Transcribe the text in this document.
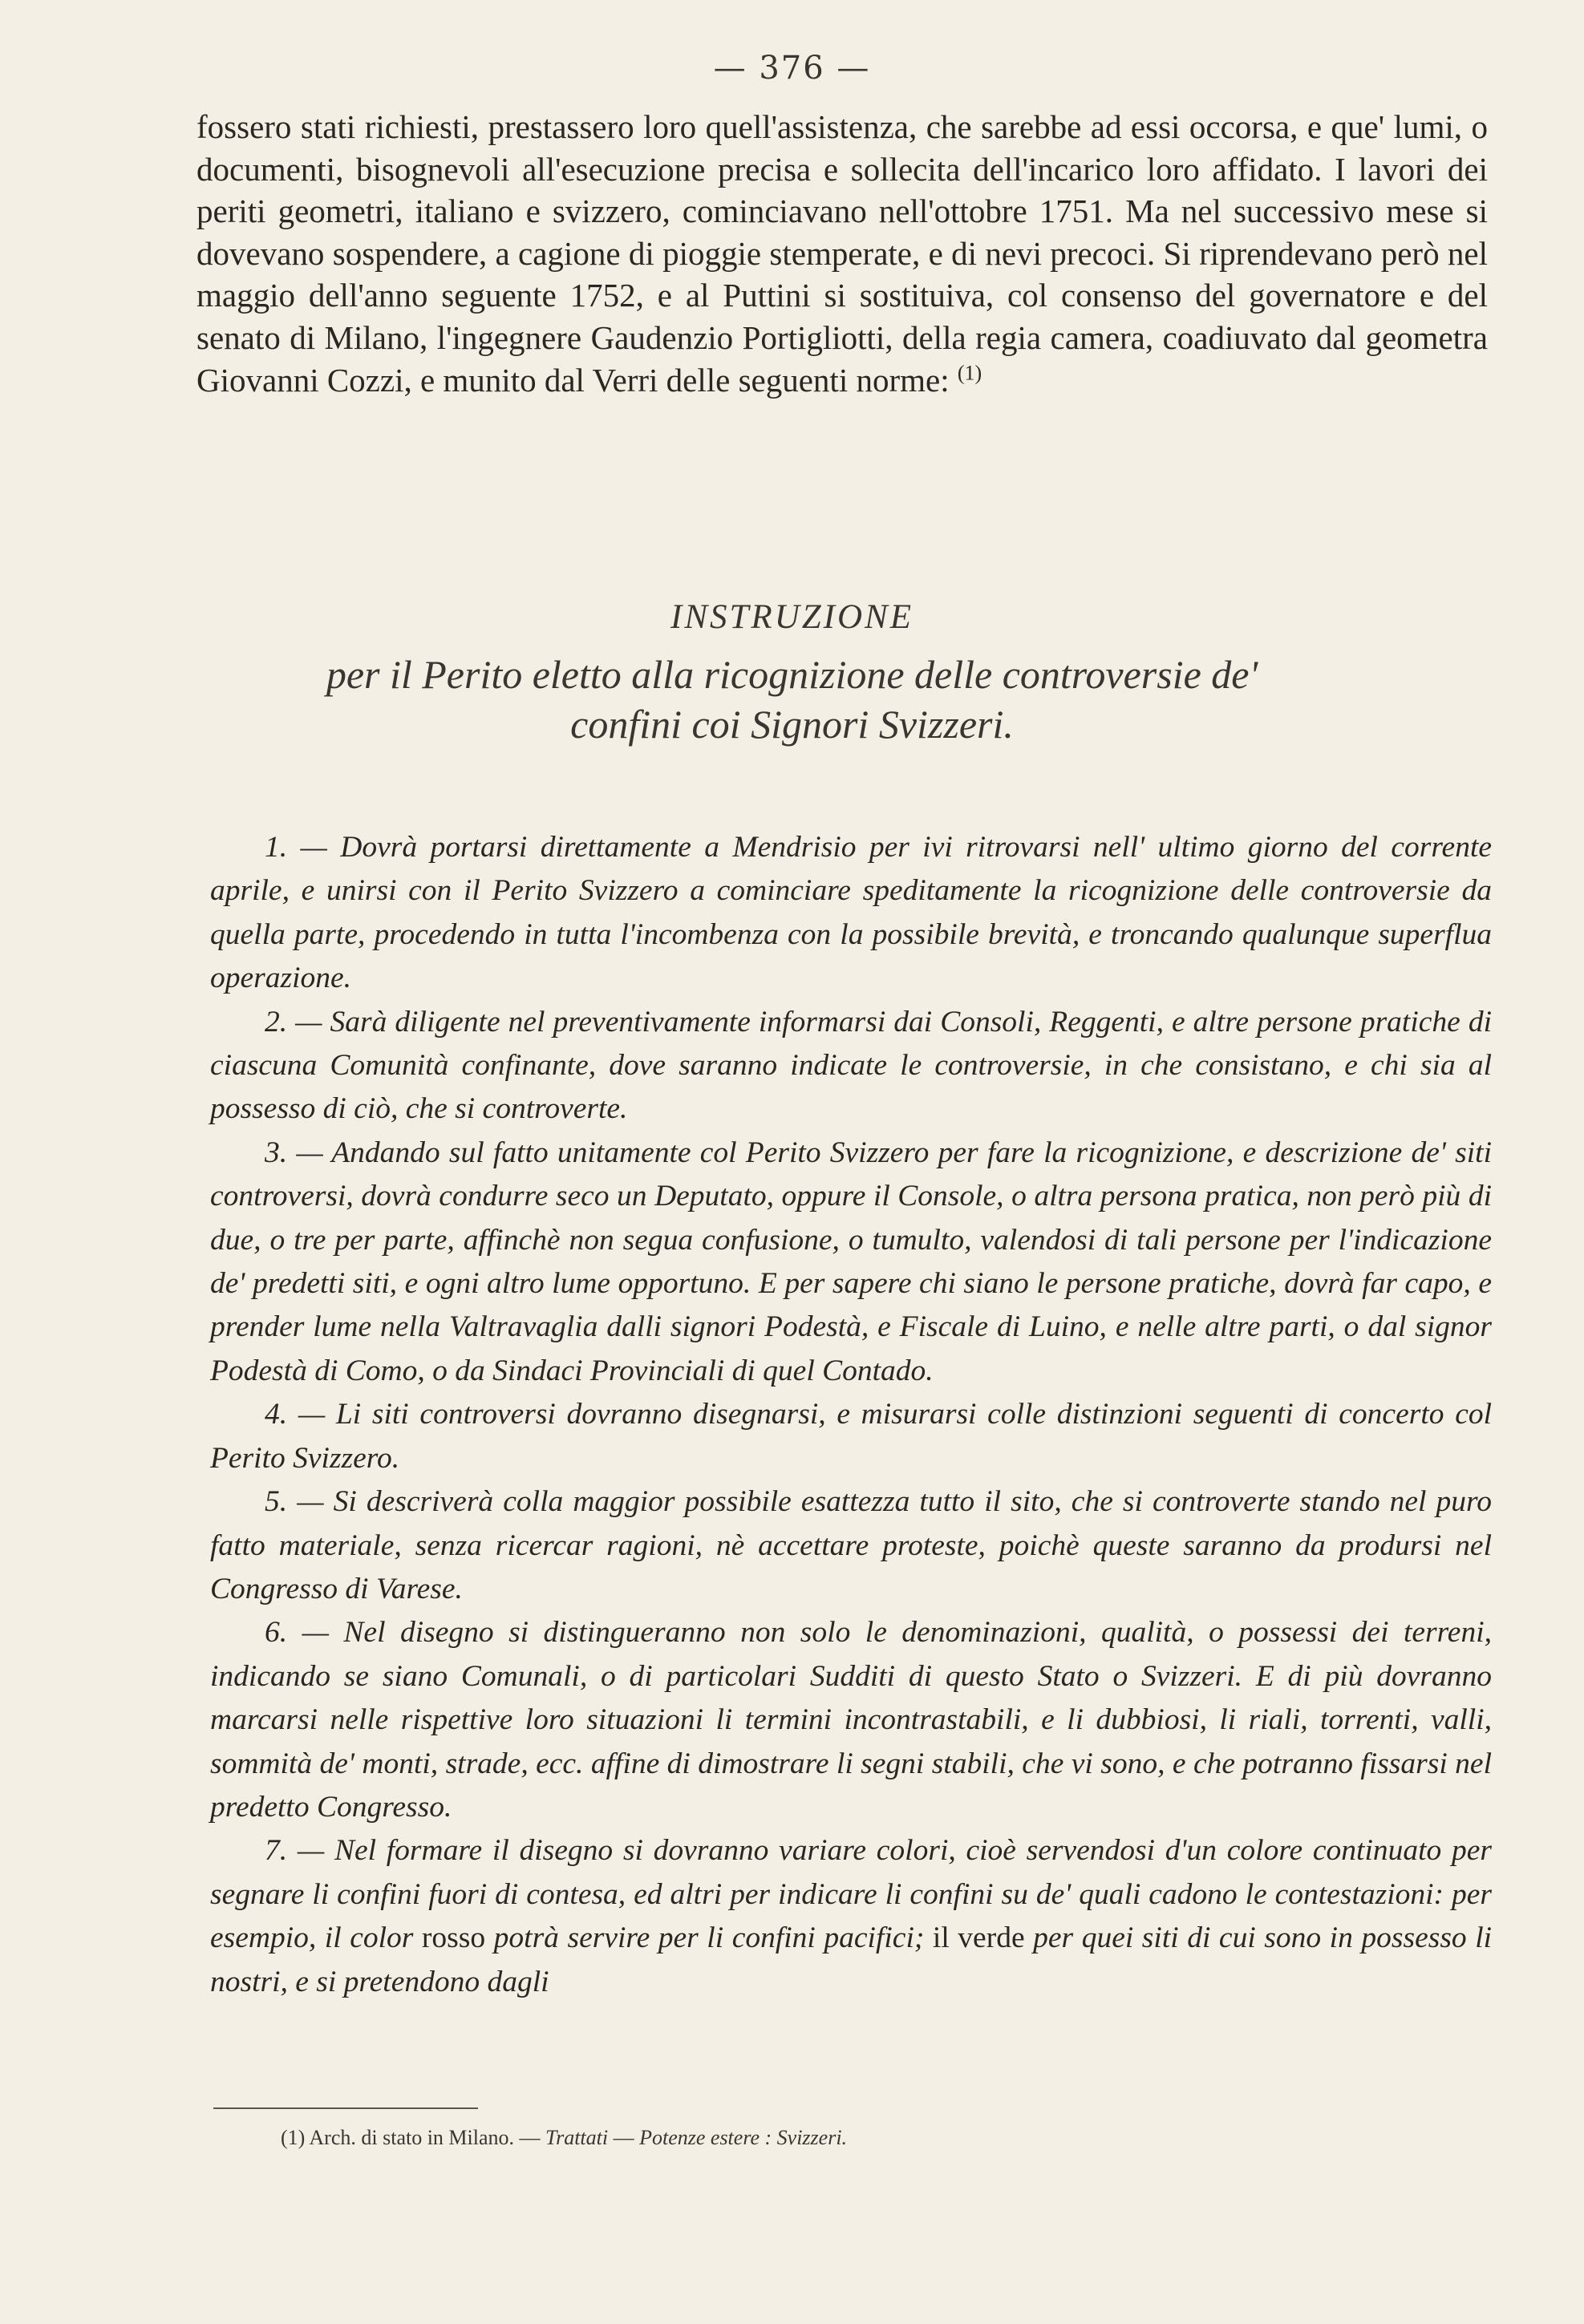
— 376 —

fossero stati richiesti, prestassero loro quell'assistenza, che sarebbe ad essi occorsa, e que' lumi, o documenti, bisognevoli all'esecuzione precisa e sollecita dell'incarico loro affidato. I lavori dei periti geometri, italiano e svizzero, cominciavano nell'ottobre 1751. Ma nel successivo mese si dovevano sospendere, a cagione di pioggie stemperate, e di nevi precoci. Si riprendevano però nel maggio dell'anno seguente 1752, e al Puttini si sostituiva, col consenso del governatore e del senato di Milano, l'ingegnere Gaudenzio Portigliotti, della regia camera, coadiuvato dal geometra Giovanni Cozzi, e munito dal Verri delle seguenti norme: $^{(1)}$

INSTRUZIONE
per il Perito eletto alla ricognizione delle controversie de' confini coi Signori Svizzeri.

1. — Dovrà portarsi direttamente a Mendrisio per ivi ritrovarsi nell' ultimo giorno del corrente aprile, e unirsi con il Perito Svizzero a cominciare speditamente la ricognizione delle controversie da quella parte, procedendo in tutta l'incombenza con la possibile brevità, e troncando qualunque superflua operazione.

2. — Sarà diligente nel preventivamente informarsi dai Consoli, Reggenti, e altre persone pratiche di ciascuna Comunità confinante, dove saranno indicate le controversie, in che consistano, e chi sia al possesso di ciò, che si controverte.

3. — Andando sul fatto unitamente col Perito Svizzero per fare la ricognizione, e descrizione de' siti controversi, dovrà condurre seco un Deputato, oppure il Console, o altra persona pratica, non però più di due, o tre per parte, affinchè non segua confusione, o tumulto, valendosi di tali persone per l'indicazione de' predetti siti, e ogni altro lume opportuno. E per sapere chi siano le persone pratiche, dovrà far capo, e prender lume nella Valtravaglia dalli signori Podestà, e Fiscale di Luino, e nelle altre parti, o dal signor Podestà di Como, o da Sindaci Provinciali di quel Contado.

4. — Li siti controversi dovranno disegnarsi, e misurarsi colle distinzioni seguenti di concerto col Perito Svizzero.

5. — Si descriverà colla maggior possibile esattezza tutto il sito, che si controverte stando nel puro fatto materiale, senza ricercar ragioni, nè accettare proteste, poichè queste saranno da prodursi nel Congresso di Varese.

6. — Nel disegno si distingueranno non solo le denominazioni, qualità, o possessi dei terreni, indicando se siano Comunali, o di particolari Sudditi di questo Stato o Svizzeri. E di più dovranno marcarsi nelle rispettive loro situazioni li termini incontrastabili, e li dubbiosi, li riali, torrenti, valli, sommità de' monti, strade, ecc. affine di dimostrare li segni stabili, che vi sono, e che potranno fissarsi nel predetto Congresso.

7. — Nel formare il disegno si dovranno variare colori, cioè servendosi d'un colore continuato per segnare li confini fuori di contesa, ed altri per indicare li confini su de' quali cadono le contestazioni: per esempio, il color rosso potrà servire per li confini pacifici; il verde per quei siti di cui sono in possesso li nostri, e si pretendono dagli

(1) Arch. di stato in Milano. — Trattati — Potenze estere : Svizzeri.
